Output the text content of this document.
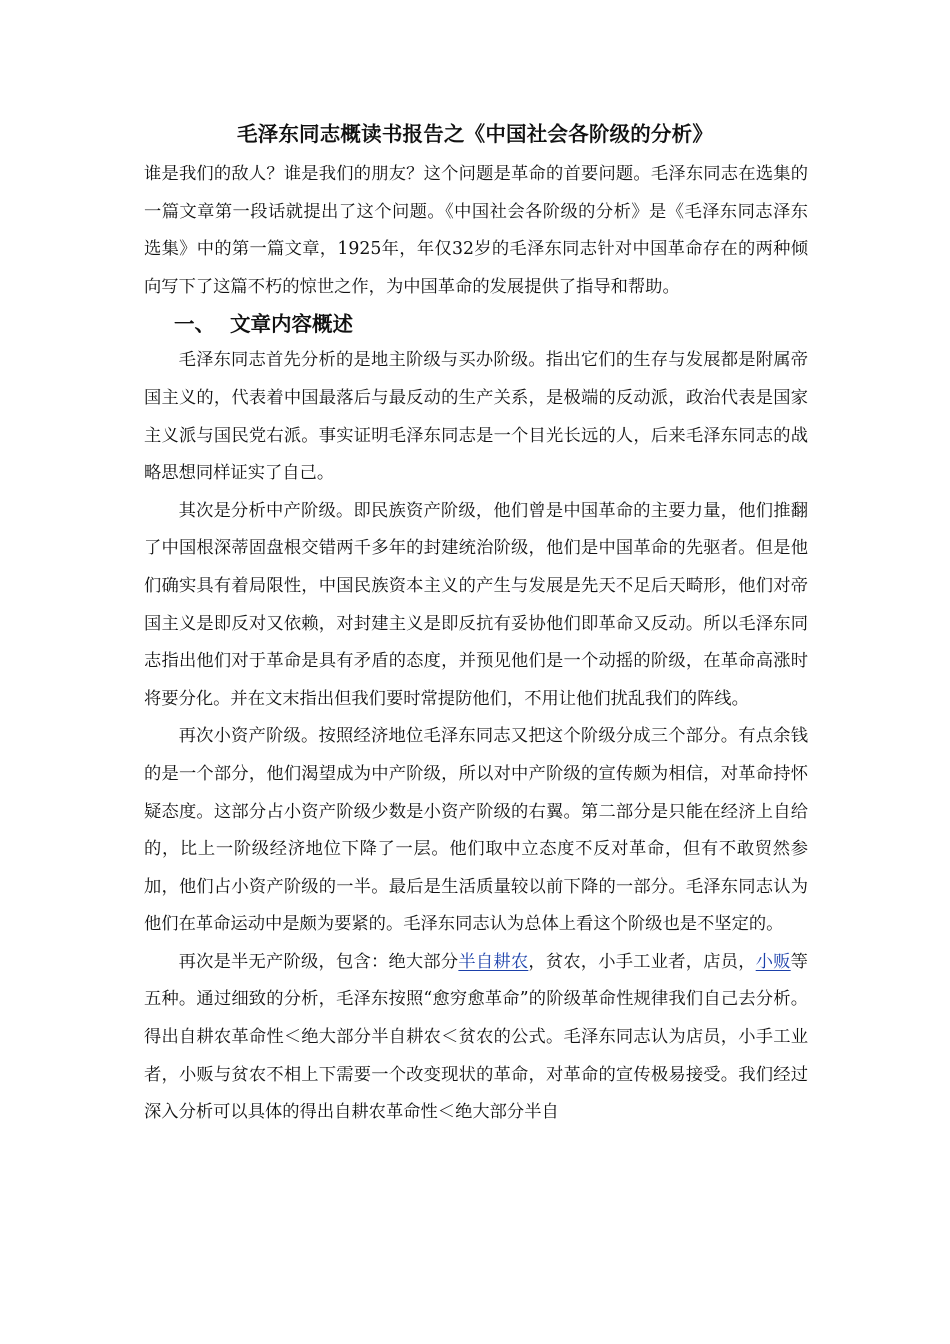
毛泽东同志概读书报告之《中国社会各阶级的分析》

谁是我们的敌人？谁是我们的朋友？这个问题是革命的首要问题。毛泽东同志在选集的一篇文章第一段话就提出了这个问题。《中国社会各阶级的分析》是《毛泽东同志泽东选集》中的第一篇文章，1925年，年仅32岁的毛泽东同志针对中国革命存在的两种倾向写下了这篇不朽的惊世之作，为中国革命的发展提供了指导和帮助。

一、 文章内容概述

毛泽东同志首先分析的是地主阶级与买办阶级。指出它们的生存与发展都是附属帝国主义的，代表着中国最落后与最反动的生产关系，是极端的反动派，政治代表是国家主义派与国民党右派。事实证明毛泽东同志是一个目光长远的人，后来毛泽东同志的战略思想同样证实了自己。

其次是分析中产阶级。即民族资产阶级，他们曾是中国革命的主要力量，他们推翻了中国根深蒂固盘根交错两千多年的封建统治阶级，他们是中国革命的先驱者。但是他们确实具有着局限性，中国民族资本主义的产生与发展是先天不足后天畸形，他们对帝国主义是即反对又依赖，对封建主义是即反抗有妥协他们即革命又反动。所以毛泽东同志指出他们对于革命是具有矛盾的态度，并预见他们是一个动摇的阶级，在革命高涨时将要分化。并在文末指出但我们要时常提防他们，不用让他们扰乱我们的阵线。

再次小资产阶级。按照经济地位毛泽东同志又把这个阶级分成三个部分。有点余钱的是一个部分，他们渴望成为中产阶级，所以对中产阶级的宣传颇为相信，对革命持怀疑态度。这部分占小资产阶级少数是小资产阶级的右翼。第二部分是只能在经济上自给的，比上一阶级经济地位下降了一层。他们取中立态度不反对革命，但有不敢贸然参加，他们占小资产阶级的一半。最后是生活质量较以前下降的一部分。毛泽东同志认为他们在革命运动中是颇为要紧的。毛泽东同志认为总体上看这个阶级也是不坚定的。

再次是半无产阶级，包含：绝大部分半自耕农，贫农，小手工业者，店员，小贩等五种。通过细致的分析，毛泽东按照“愈穷愈革命”的阶级革命性规律我们自己去分析。得出自耕农革命性＜绝大部分半自耕农＜贫农的公式。毛泽东同志认为店员，小手工业者，小贩与贫农不相上下需要一个改变现状的革命，对革命的宣传极易接受。我们经过深入分析可以具体的得出自耕农革命性＜绝大部分半自
